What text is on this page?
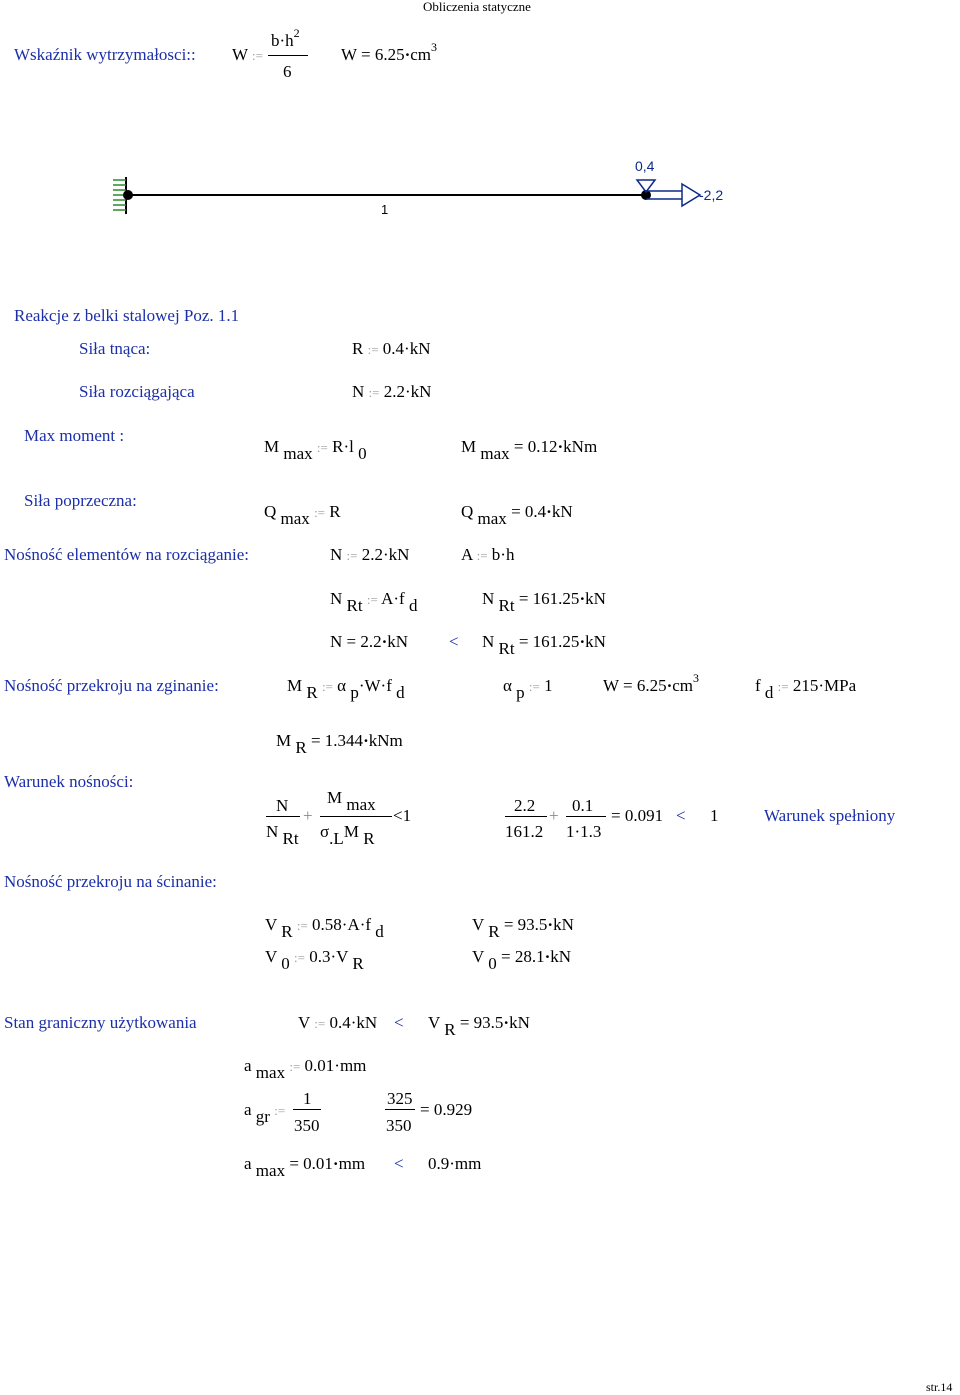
Obliczenia statyczne
Wskaźnik wytrzymałosci:: W :=
$b\cdot h^2$
6
$W = 6.25\cdot cm^3$
1
0,4
-2,2
Reakcje z belki stalowej Poz. 1.1
Siła tnąca:	R := 0.4·kN
Siła rozciągająca	N := 2.2·kN
Max moment :
M max := R·l 0	M max = 0.12·kNm
Siła poprzeczna:
Q max := R	Q max = 0.4·kN
Nośność elementów na rozciąganie:	N := 2.2·kN	A := b·h
N Rt := A·f d	N Rt = 161.25·kN
N = 2.2·kN < N Rt = 161.25·kN
Nośność przekroju na zginanie:	M R := α p·W·f d	α p := 1	$W = 6.25\cdot cm^3$	f d := 215·MPa
M R = 1.344·kNm
Warunek nośności:
N
N Rt
+
M max
σ.LM R
<1
2.2
161.2
+
0.1
1·1.3
= 0.091 < 1	Warunek spełniony
Nośność przekroju na ścinanie:
V R := 0.58·A·f d	V R = 93.5·kN
V 0 := 0.3·V R	V 0 = 28.1·kN
Stan graniczny użytkowania	V := 0.4·kN < V R = 93.5·kN
a max := 0.01·mm
a gr :=
1
350
325
350
= 0.929
a max = 0.01·mm < 0.9·mm
str.14
